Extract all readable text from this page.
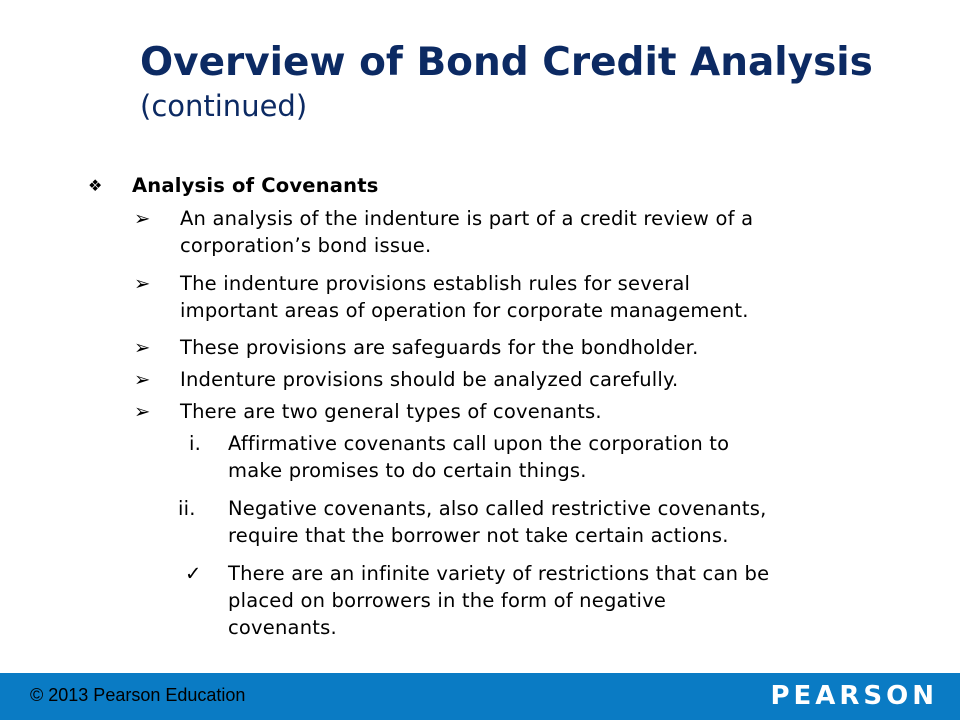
Overview of Bond Credit Analysis
(continued)
❖ Analysis of Covenants
➢ An analysis of the indenture is part of a credit review of a
corporation’s bond issue.
➢ The indenture provisions establish rules for several
important areas of operation for corporate management.
➢ These provisions are safeguards for the bondholder.
➢ Indenture provisions should be analyzed carefully.
➢ There are two general types of covenants.
i. Affirmative covenants call upon the corporation to
make promises to do certain things.
ii. Negative covenants, also called restrictive covenants,
require that the borrower not take certain actions.
✓ There are an infinite variety of restrictions that can be
placed on borrowers in the form of negative
covenants.
© 2013 Pearson Education	PEARSON
